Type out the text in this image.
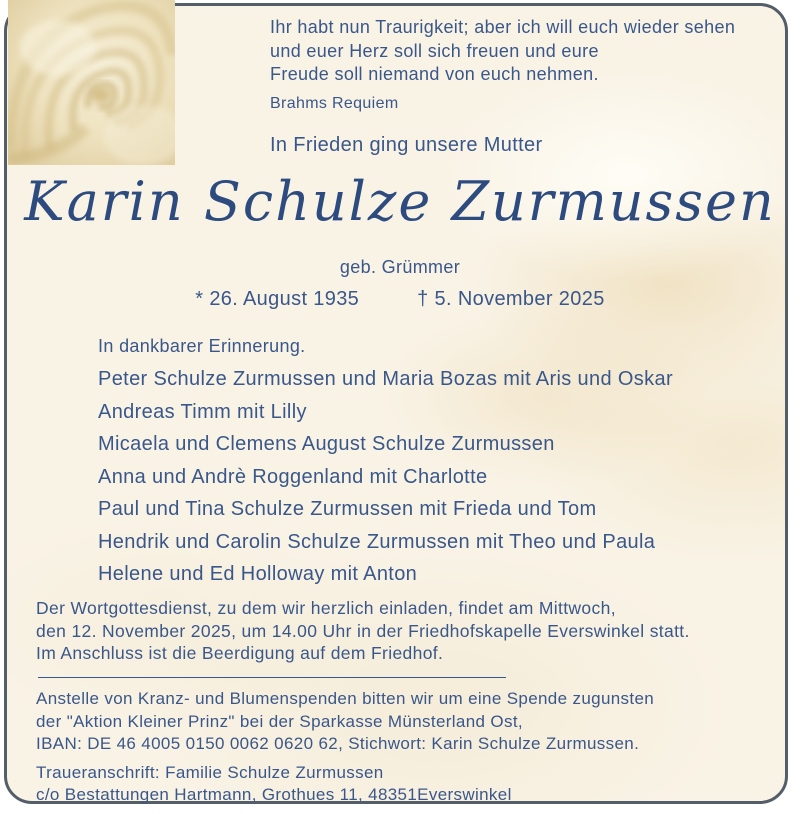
Ihr habt nun Traurigkeit; aber ich will euch wieder sehen
und euer Herz soll sich freuen und eure
Freude soll niemand von euch nehmen.
Brahms Requiem
In Frieden ging unsere Mutter
Karin Schulze Zurmussen
geb. Grümmer
* 26. August 1935	† 5. November 2025
In dankbarer Erinnerung.
Peter Schulze Zurmussen und Maria Bozas mit Aris und Oskar
Andreas Timm mit Lilly
Micaela und Clemens August Schulze Zurmussen
Anna und Andrè Roggenland mit Charlotte
Paul und Tina Schulze Zurmussen mit Frieda und Tom
Hendrik und Carolin Schulze Zurmussen mit Theo und Paula
Helene und Ed Holloway mit Anton
Der Wortgottesdienst, zu dem wir herzlich einladen, findet am Mittwoch,
den 12. November 2025, um 14.00 Uhr in der Friedhofskapelle Everswinkel statt.
Im Anschluss ist die Beerdigung auf dem Friedhof.
Anstelle von Kranz- und Blumenspenden bitten wir um eine Spende zugunsten
der "Aktion Kleiner Prinz" bei der Sparkasse Münsterland Ost,
IBAN: DE 46 4005 0150 0062 0620 62, Stichwort: Karin Schulze Zurmussen.
Traueranschrift: Familie Schulze Zurmussen
c/o Bestattungen Hartmann, Grothues 11, 48351Everswinkel
